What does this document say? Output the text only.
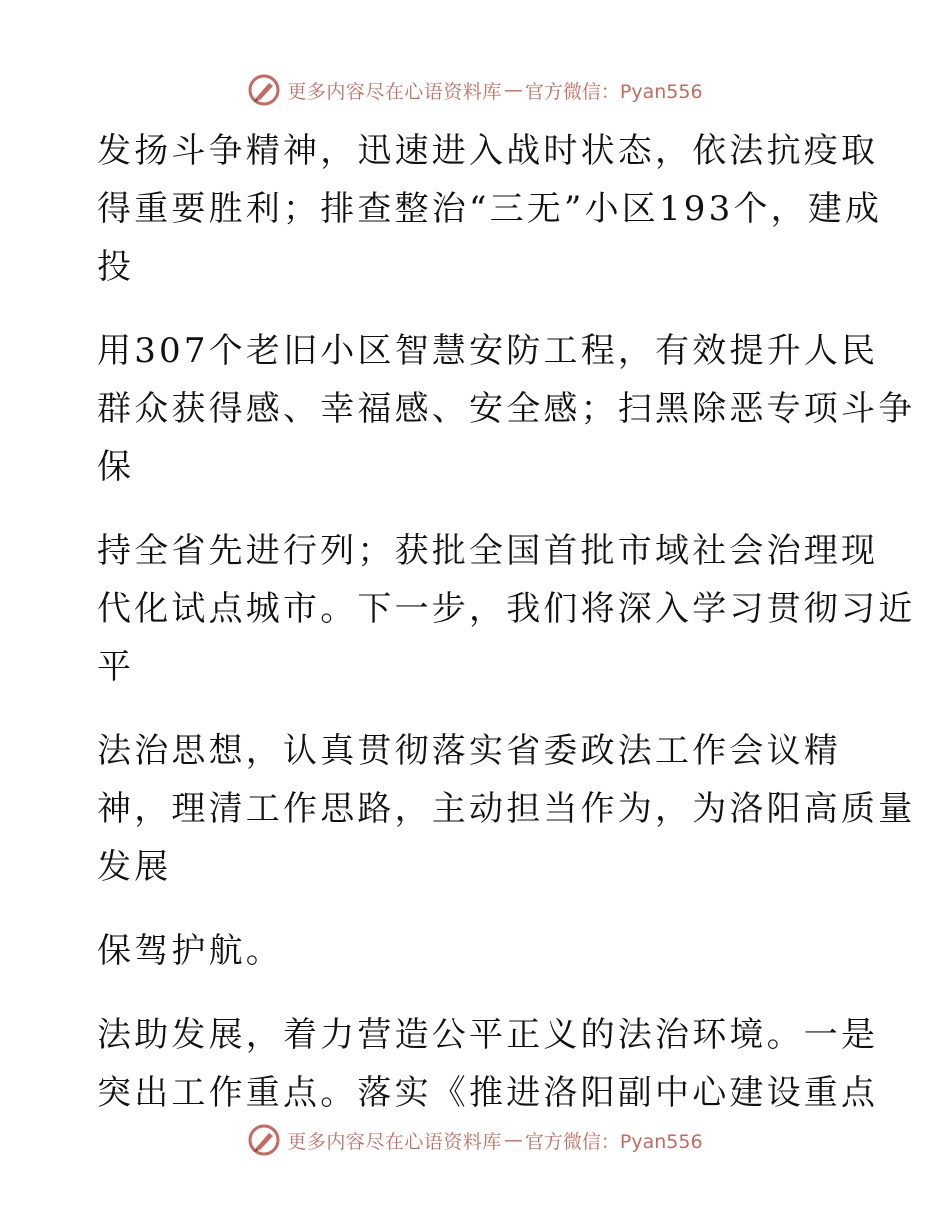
更多内容尽在心语资料库 — 官方微信：Pyan556
发扬斗争精神，迅速进入战时状态，依法抗疫取
得重要胜利；排查整治“三无”小区193个，建成
投
用307个老旧小区智慧安防工程，有效提升人民
群众获得感、幸福感、安全感；扫黑除恶专项斗争
保
持全省先进行列；获批全国首批市域社会治理现
代化试点城市。下一步，我们将深入学习贯彻习近
平
法治思想，认真贯彻落实省委政法工作会议精
神，理清工作思路，主动担当作为，为洛阳高质量
发展
保驾护航。
法助发展，着力营造公平正义的法治环境。一是
突出工作重点。落实《推进洛阳副中心建设重点
更多内容尽在心语资料库 — 官方微信：Pyan556
